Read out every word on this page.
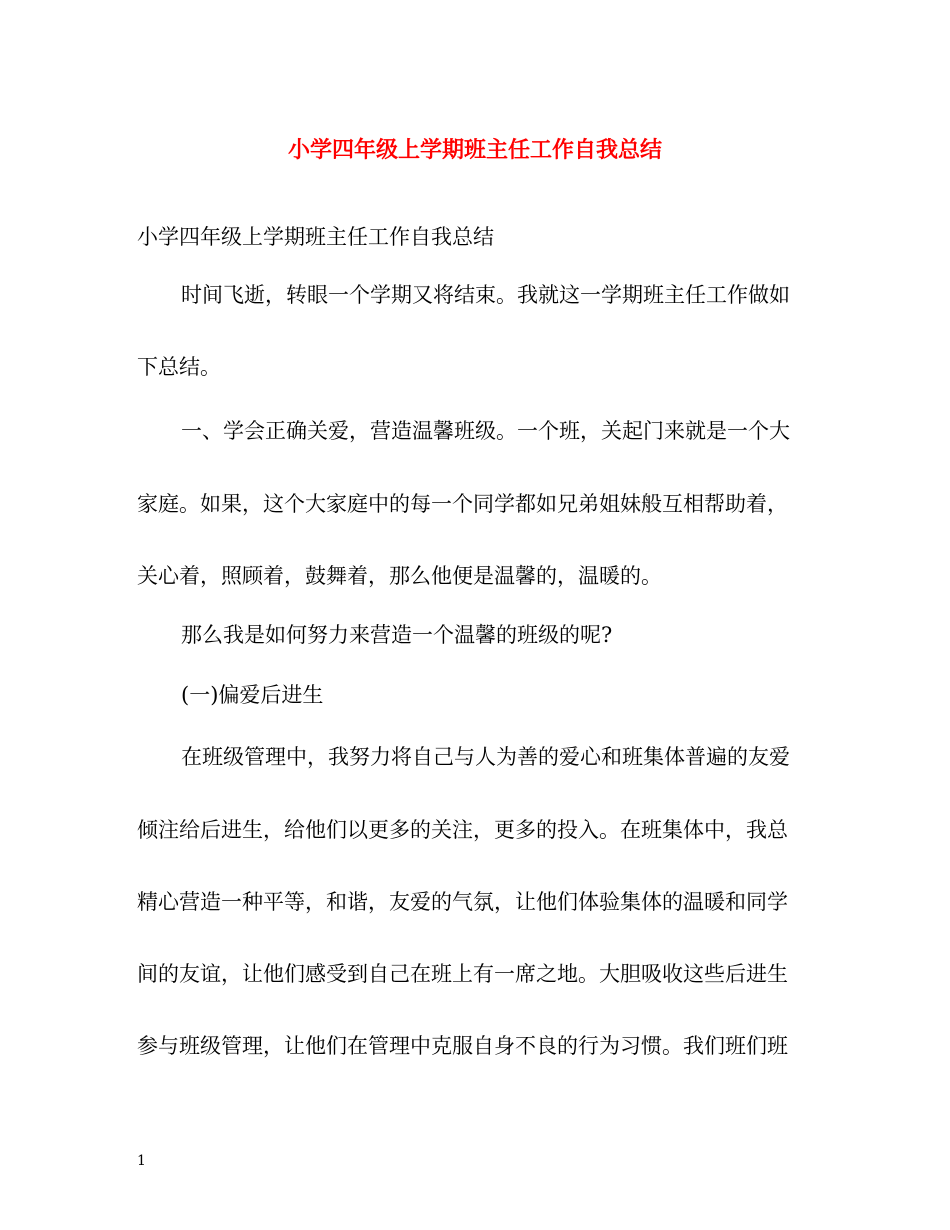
小学四年级上学期班主任工作自我总结
小学四年级上学期班主任工作自我总结
时间飞逝，转眼一个学期又将结束。我就这一学期班主任工作做如
下总结。
一、学会正确关爱，营造温馨班级。一个班，关起门来就是一个大
家庭。如果，这个大家庭中的每一个同学都如兄弟姐妹般互相帮助着，
关心着，照顾着，鼓舞着，那么他便是温馨的，温暖的。
那么我是如何努力来营造一个温馨的班级的呢?
(一)偏爱后进生
在班级管理中，我努力将自己与人为善的爱心和班集体普遍的友爱
倾注给后进生，给他们以更多的关注，更多的投入。在班集体中，我总
精心营造一种平等，和谐，友爱的气氛，让他们体验集体的温暖和同学
间的友谊，让他们感受到自己在班上有一席之地。大胆吸收这些后进生
参与班级管理，让他们在管理中克服自身不良的行为习惯。我们班们班
1
